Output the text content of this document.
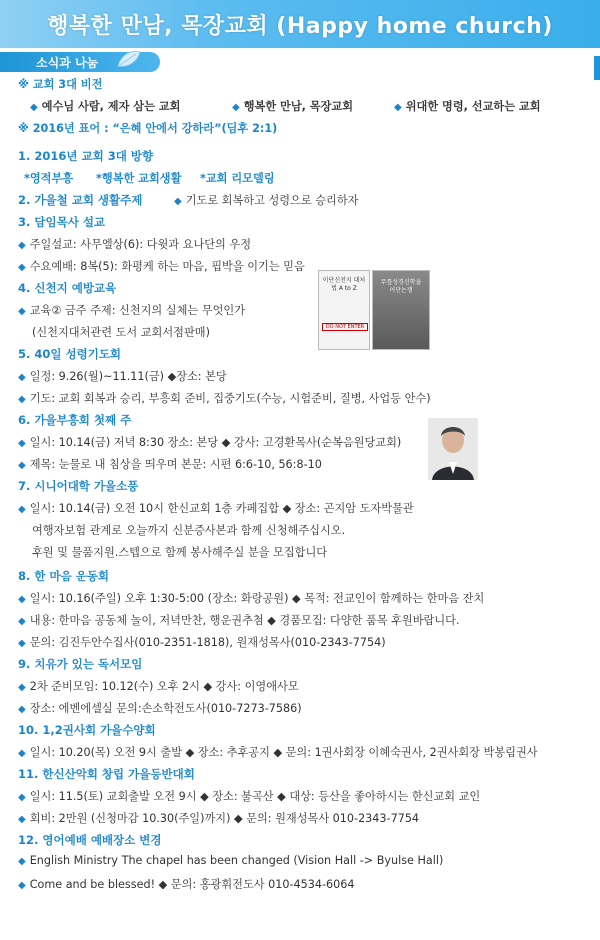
행복한 만남, 목장교회 (Happy home church)
소식과 나눔
※ 교회 3대 비전
◆ 예수님 사람, 제자 삼는 교회	◆ 행복한 만남, 목장교회	◆ 위대한 명령, 선교하는 교회
※ 2016년 표어 : “은혜 안에서 강하라”(딤후 2:1)
1. 2016년 교회 3대 방향
*영적부흥 *행복한 교회생활 *교회 리모델링
2. 가을철 교회 생활주제	◆ 기도로 회복하고 성령으로 승리하자
3. 담임목사 설교
◆ 주일설교: 사무엘상(6): 다윗과 요나단의 우정
◆ 수요예배: 8복(5): 화평케 하는 마음, 핍박을 이기는 믿음
4. 신천지 예방교육
◆ 교육② 금주 주제: 신천지의 실체는 무엇인가
(신천지대처관련 도서 교회서점판매)
5. 40일 성령기도회
◆ 일정: 9.26(월)~11.11(금) ◆장소: 본당
◆ 기도: 교회 회복과 승리, 부흥회 준비, 집중기도(수능, 시험준비, 질병, 사업등 안수)
6. 가을부흥회 첫째 주
◆ 일시: 10.14(금) 저녁 8:30 장소: 본당 ◆ 강사: 고경환목사(순복음원당교회)
◆ 제목: 눈물로 내 침상을 띄우며 본문: 시편 6:6-10, 56:8-10
7. 시니어대학 가을소풍
◆ 일시: 10.14(금) 오전 10시 한신교회 1층 카페집합 ◆ 장소: 곤지암 도자박물관
여행자보험 관계로 오늘까지 신분증사본과 함께 신청해주십시오.
후원 및 물품지원.스텝으로 함께 봉사해주실 분을 모집합니다
8. 한 마음 운동회
◆ 일시: 10.16(주일) 오후 1:30-5:00 (장소: 화랑공원) ◆ 목적: 전교인이 함께하는 한마음 잔치
◆ 내용: 한마음 공동체 놀이, 저녁만찬, 행운권추첨 ◆ 경품모집: 다양한 품목 후원바랍니다.
◆ 문의: 김진두안수집사(010-2351-1818), 원재성목사(010-2343-7754)
9. 치유가 있는 독서모임
◆ 2차 준비모임: 10.12(수) 오후 2시 ◆ 강사: 이영애사모
◆ 장소: 에벤에셀실 문의:손소학전도사(010-7273-7586)
10. 1,2권사회 가을수양회
◆ 일시: 10.20(목) 오전 9시 출발 ◆ 장소: 추후공지 ◆ 문의: 1권사회장 이혜숙권사, 2권사회장 박봉림권사
11. 한신산악회 창립 가을등반대회
◆ 일시: 11.5(토) 교회출발 오전 9시 ◆ 장소: 불곡산 ◆ 대상: 등산을 좋아하시는 한신교회 교인
◆ 회비: 2만원 (신청마감 10.30(주일)까지) ◆ 문의: 원재성목사 010-2343-7754
12. 영어예배 예배장소 변경
◆ English Ministry The chapel has been changed (Vision Hall -> Byulse Hall)
◆ Come and be blessed! ◆ 문의: 홍광휘전도사 010-4534-6064
이단신천지 대처법 A to Z
DO NOT ENTER
무릎성경신학을 이단논쟁
